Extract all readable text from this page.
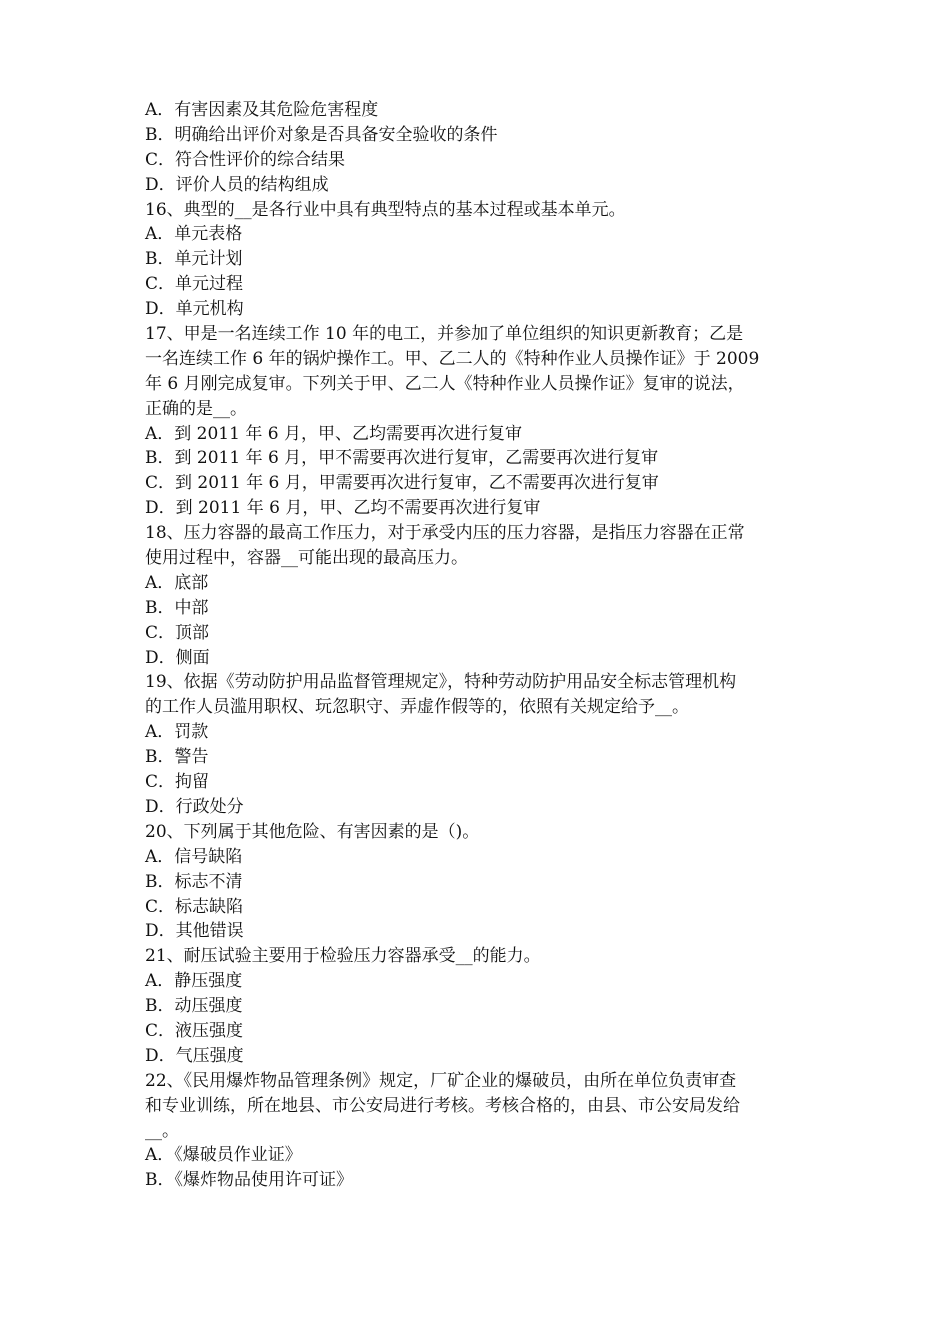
A．有害因素及其危险危害程度
B．明确给出评价对象是否具备安全验收的条件
C．符合性评价的综合结果
D．评价人员的结构组成
16、典型的__是各行业中具有典型特点的基本过程或基本单元。
A．单元表格
B．单元计划
C．单元过程
D．单元机构
17、甲是一名连续工作 10 年的电工，并参加了单位组织的知识更新教育；乙是
一名连续工作 6 年的锅炉操作工。甲、乙二人的《特种作业人员操作证》于 2009
年 6 月刚完成复审。下列关于甲、乙二人《特种作业人员操作证》复审的说法，
正确的是__。
A．到 2011 年 6 月，甲、乙均需要再次进行复审
B．到 2011 年 6 月，甲不需要再次进行复审，乙需要再次进行复审
C．到 2011 年 6 月，甲需要再次进行复审，乙不需要再次进行复审
D．到 2011 年 6 月，甲、乙均不需要再次进行复审
18、压力容器的最高工作压力，对于承受内压的压力容器，是指压力容器在正常
使用过程中，容器__可能出现的最高压力。
A．底部
B．中部
C．顶部
D．侧面
19、依据《劳动防护用品监督管理规定》，特种劳动防护用品安全标志管理机构
的工作人员滥用职权、玩忽职守、弄虚作假等的，依照有关规定给予__。
A．罚款
B．警告
C．拘留
D．行政处分
20、下列属于其他危险、有害因素的是（)。
A．信号缺陷
B．标志不清
C．标志缺陷
D．其他错误
21、耐压试验主要用于检验压力容器承受__的能力。
A．静压强度
B．动压强度
C．液压强度
D．气压强度
22、《民用爆炸物品管理条例》规定，厂矿企业的爆破员，由所在单位负责审查
和专业训练，所在地县、市公安局进行考核。考核合格的，由县、市公安局发给
__。
A．《爆破员作业证》
B．《爆炸物品使用许可证》
